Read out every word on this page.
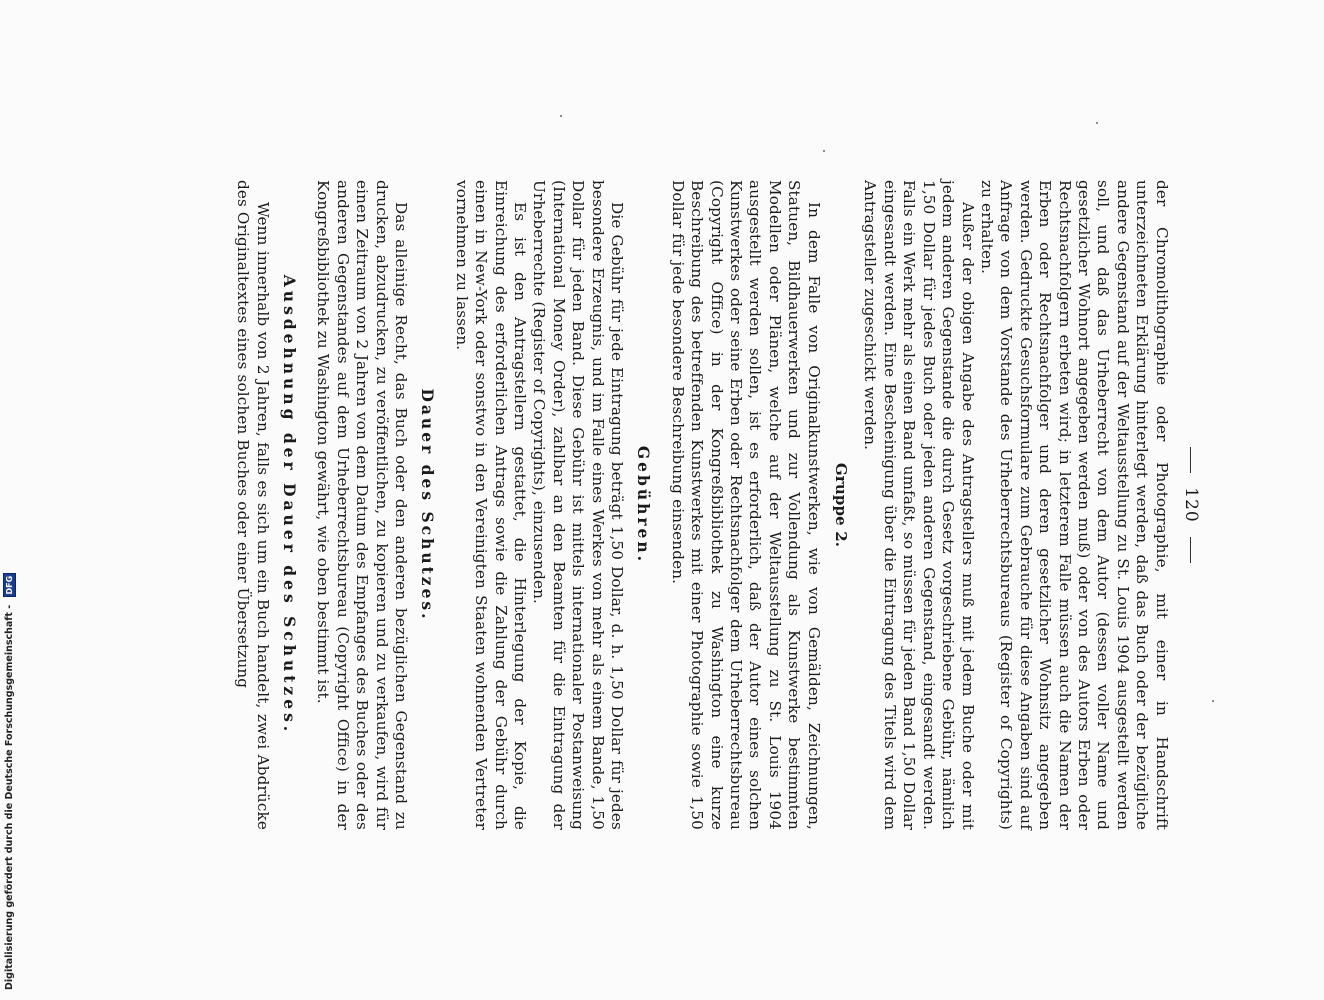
120

der Chromolithographie oder Photographie, mit einer in Handschrift unterzeichneten Erklärung hinterlegt werden, daß das Buch oder der bezügliche andere Gegenstand auf der Weltausstellung zu St. Louis 1904 ausgestellt werden soll, und daß das Urheberrecht von dem Autor (dessen voller Name und gesetzlicher Wohnort angegeben werden muß) oder von des Autors Erben oder Rechtsnachfolgern erbeten wird; in letzterem Falle müssen auch die Namen der Erben oder Rechtsnachfolger und deren gesetzlicher Wohnsitz angegeben werden. Gedruckte Gesuchsformulare zum Gebrauche für diese Angaben sind auf Anfrage von dem Vorstande des Urheberrechtsbureaus (Register of Copyrights) zu erhalten.

Außer der obigen Angabe des Antragstellers muß mit jedem Buche oder mit jedem anderen Gegenstande die durch Gesetz vorgeschriebene Gebühr, nämlich 1,50 Dollar für jedes Buch oder jeden anderen Gegenstand, eingesandt werden. Falls ein Werk mehr als einen Band umfaßt, so müssen für jeden Band 1,50 Dollar eingesandt werden. Eine Bescheinigung über die Eintragung des Titels wird dem Antragsteller zugeschickt werden.

Gruppe 2.

In dem Falle von Originalkunstwerken, wie von Gemälden, Zeichnungen, Statuen, Bildhauerwerken und zur Vollendung als Kunstwerke bestimmten Modellen oder Plänen, welche auf der Weltausstellung zu St. Louis 1904 ausgestellt werden sollen, ist es erforderlich, daß der Autor eines solchen Kunstwerkes oder seine Erben oder Rechtsnachfolger dem Urheberrechtsbureau (Copyright Office) in der Kongreßbibliothek zu Washington eine kurze Beschreibung des betreffenden Kunstwerkes mit einer Photographie sowie 1,50 Dollar für jede besondere Beschreibung einsenden.

Gebühren.

Die Gebühr für jede Eintragung beträgt 1,50 Dollar, d. h. 1,50 Dollar für jedes besondere Erzeugnis, und im Falle eines Werkes von mehr als einem Bande, 1,50 Dollar für jeden Band. Diese Gebühr ist mittels internationaler Postanweisung (International Money Order), zahlbar an den Beamten für die Eintragung der Urheberrechte (Register of Copyrights), einzusenden.

Es ist den Antragstellern gestattet, die Hinterlegung der Kopie, die Einreichung des erforderlichen Antrags sowie die Zahlung der Gebühr durch einen in New-York oder sonstwo in den Vereinigten Staaten wohnenden Vertreter vornehmen zu lassen.

Dauer des Schutzes.

Das alleinige Recht, das Buch oder den anderen bezüglichen Gegenstand zu drucken, abzudrucken, zu veröffentlichen, zu kopieren und zu verkaufen, wird für einen Zeitraum von 2 Jahren von dem Datum des Empfanges des Buches oder des anderen Gegenstandes auf dem Urheberrechtsbureau (Copyright Office) in der Kongreßbibliothek zu Washington gewährt, wie oben bestimmt ist.

Ausdehnung der Dauer des Schutzes.

Wenn innerhalb von 2 Jahren, falls es sich um ein Buch handelt, zwei Abdrücke des Originaltextes eines solchen Buches oder einer Übersetzung

Digitalisierung gefördert durch die Deutsche Forschungsgemeinschaft - DFG
